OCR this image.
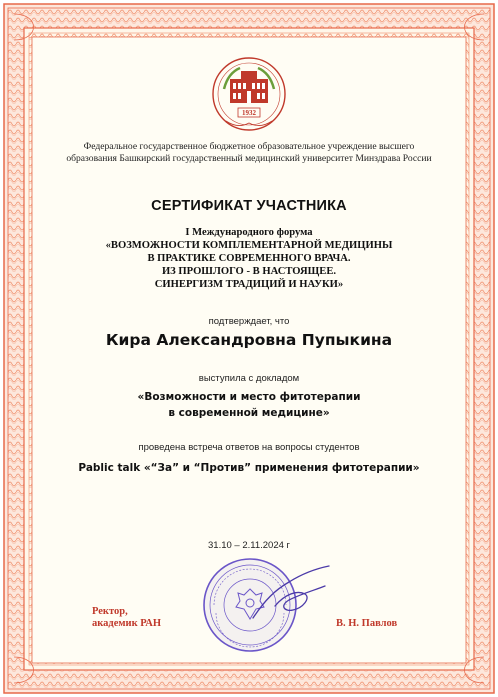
1932
Федеральное государственное бюджетное образовательное учреждение высшего
образования Башкирский государственный медицинский университет Минздрава России
СЕРТИФИКАТ УЧАСТНИКА
I Международного форума
«ВОЗМОЖНОСТИ КОМПЛЕМЕНТАРНОЙ МЕДИЦИНЫ
В ПРАКТИКЕ СОВРЕМЕННОГО ВРАЧА.
ИЗ ПРОШЛОГО - В НАСТОЯЩЕЕ.
СИНЕРГИЗМ ТРАДИЦИЙ И НАУКИ»
подтверждает, что
Кира Александровна Пупыкина
выступила с докладом
«Возможности и место фитотерапии
в современной медицине»
проведена встреча ответов на вопросы студентов
Pablic talk «“За” и “Против” применения фитотерапии»
31.10 – 2.11.2024 г
Ректор,
академик РАН	В. Н. Павлов
